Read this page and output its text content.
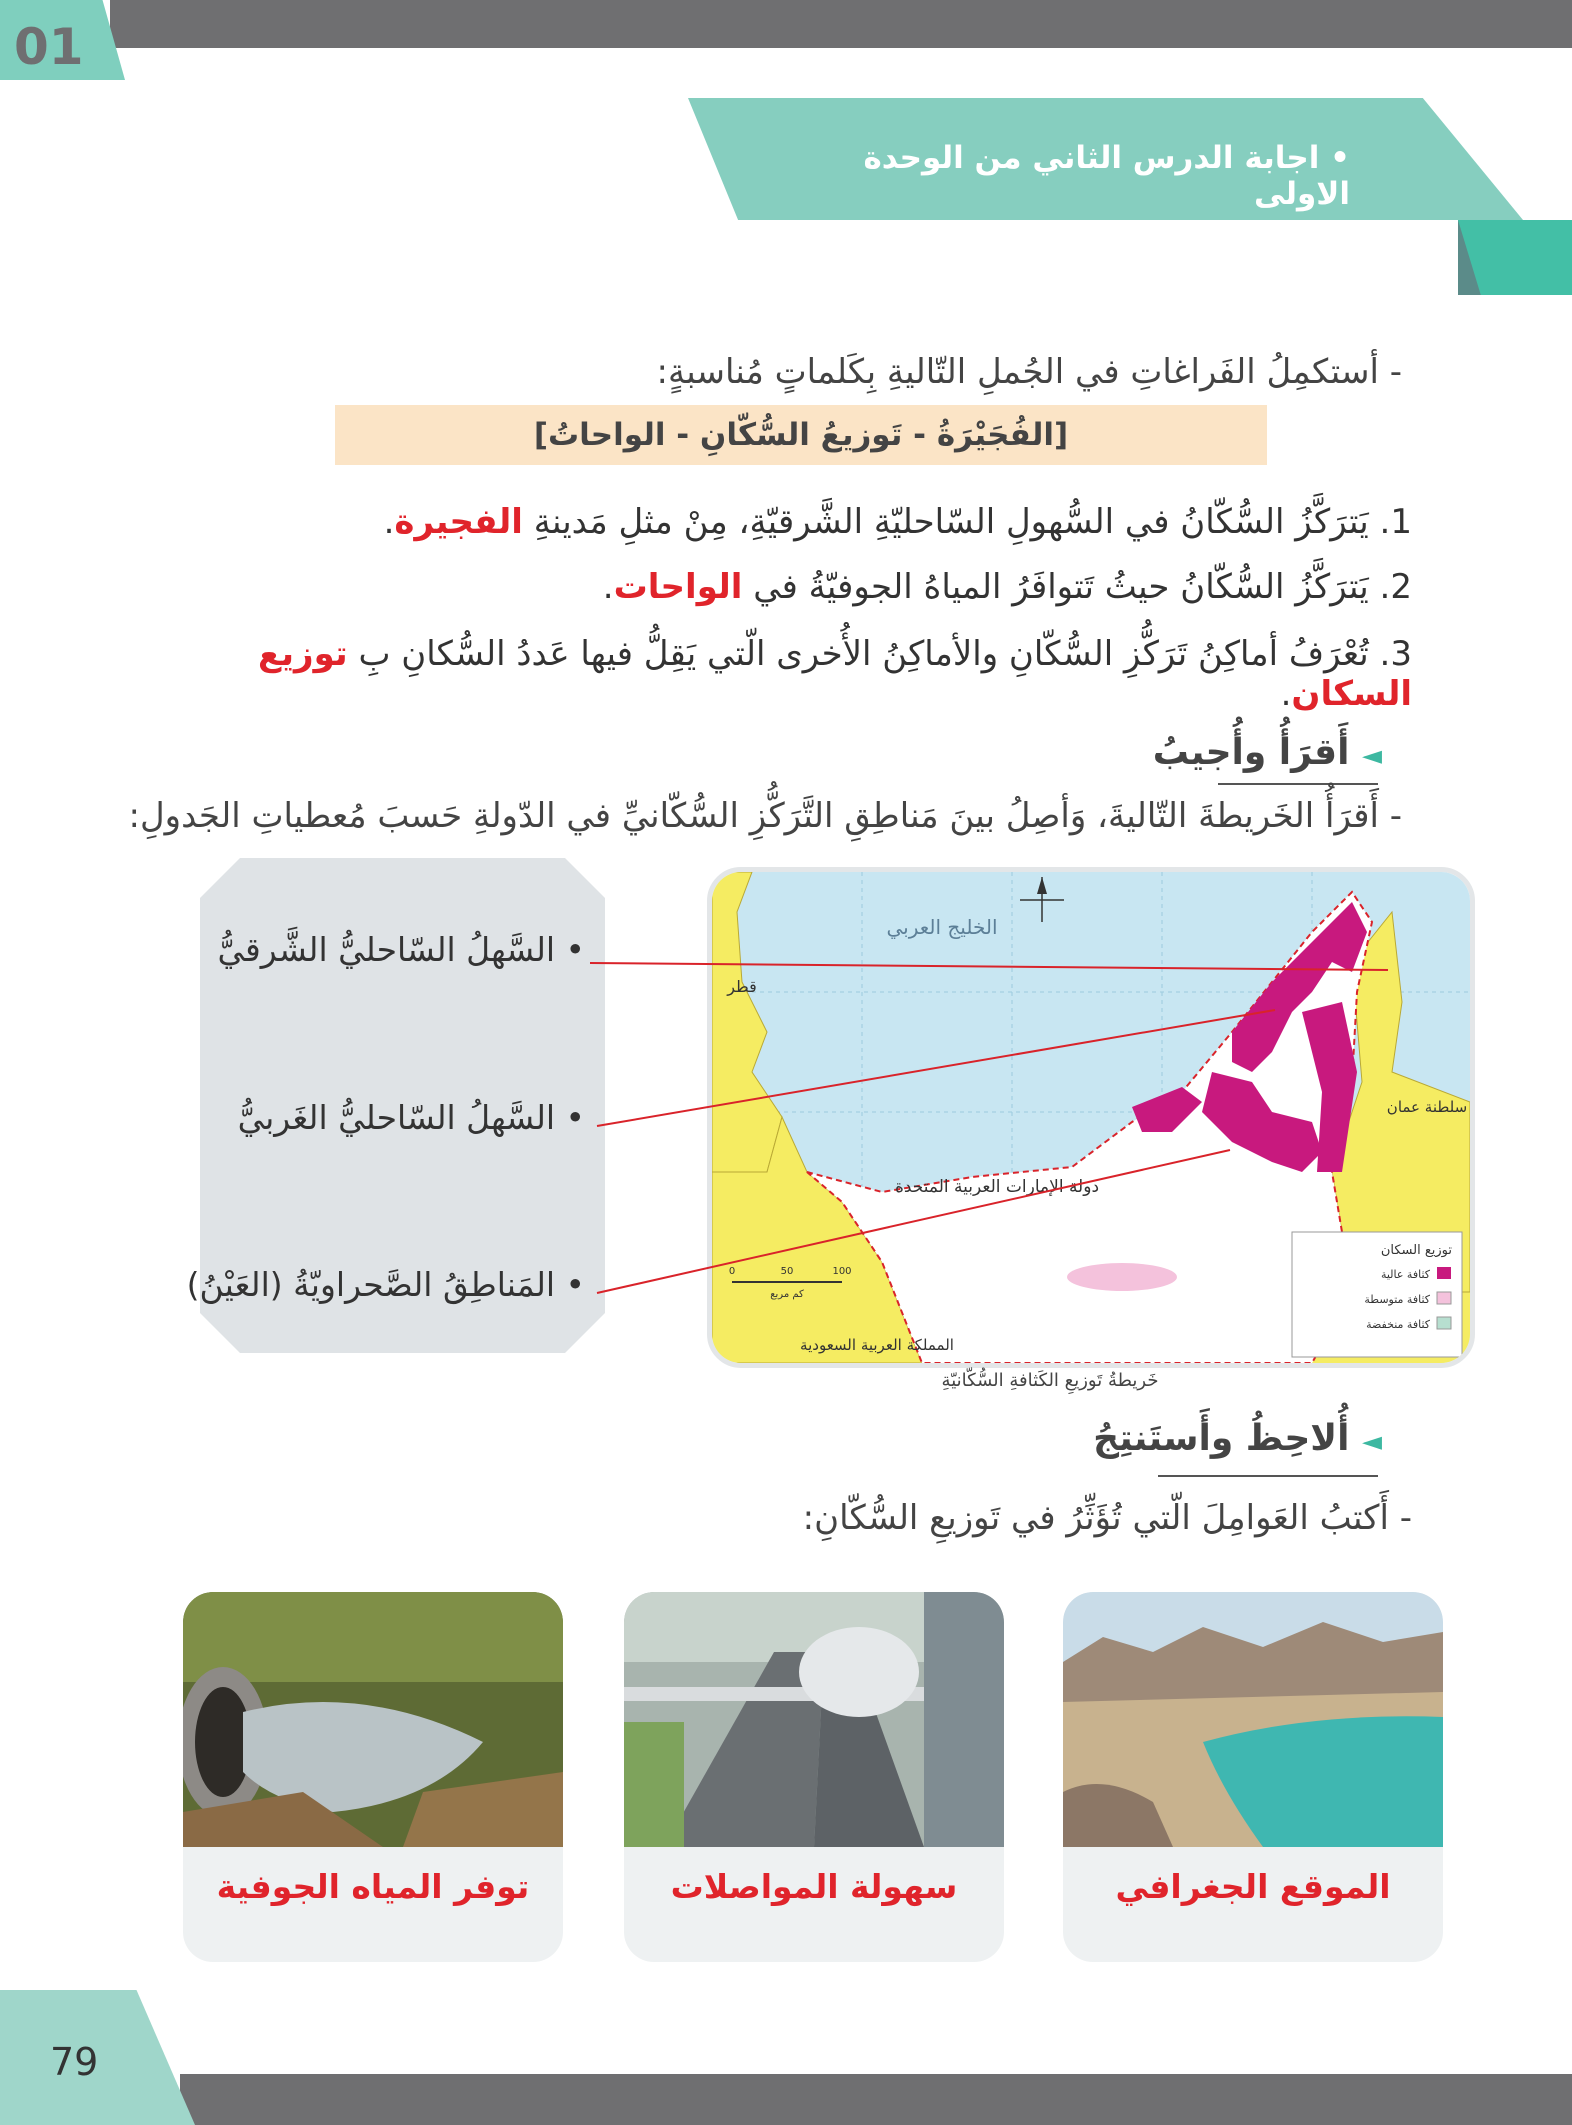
01
• اجابة الدرس الثاني من الوحدة الاولى
- أستكمِلُ الفَراغاتِ في الجُملِ التّاليةِ بِكَلماتٍ مُناسبةٍ:
[الفُجَيْرَةُ - تَوزيعُ السُّكّانِ - الواحاتُ]
1. يَترَكَّزُ السُّكّانُ في السُّهولِ السّاحليّةِ الشَّرقيّةِ، مِنْ مثلِ مَدينةِ الفجيرة.
2. يَترَكَّزُ السُّكّانُ حيثُ تَتوافَرُ المياهُ الجوفيّةُ في الواحات.
3. تُعْرَفُ أماكِنُ تَرَكُّزِ السُّكّانِ والأماكِنُ الأُخرى الّتي يَقِلُّ فيها عَددُ السُّكانِ بِ توزيع السكان.
◄ أَقرَأُ وأُجيبُ
- أَقرَأُ الخَريطةَ التّاليةَ، وَأصِلُ بينَ مَناطِقِ التَّرَكُّزِ السُّكّانيِّ في الدّولةِ حَسبَ مُعطياتِ الجَدولِ:
• السَّهلُ السّاحليُّ الشَّرقيُّ
• السَّهلُ السّاحليُّ الغَربيُّ
• المَناطِقُ الصَّحراويّةُ (العَيْنُ)
الخليج العربي
قطر
سلطنة عمان
دولة الإمارات العربية المتحدة
المملكة العربية السعودية
0	50	100
كم مربع
توزيع السكان
كثافة عالية
كثافة متوسطة
كثافة منخفضة
خَريطةُ تَوزيعِ الكَثافةِ السُّكّانيّةِ
◄ أُلاحِظُ وأَستَنتِجُ
- أَكتبُ العَوامِلَ الّتي تُؤَثِّرُ في تَوزيعِ السُّكّانِ:
الموقع الجغرافي
سهولة المواصلات
توفر المياه الجوفية
79
